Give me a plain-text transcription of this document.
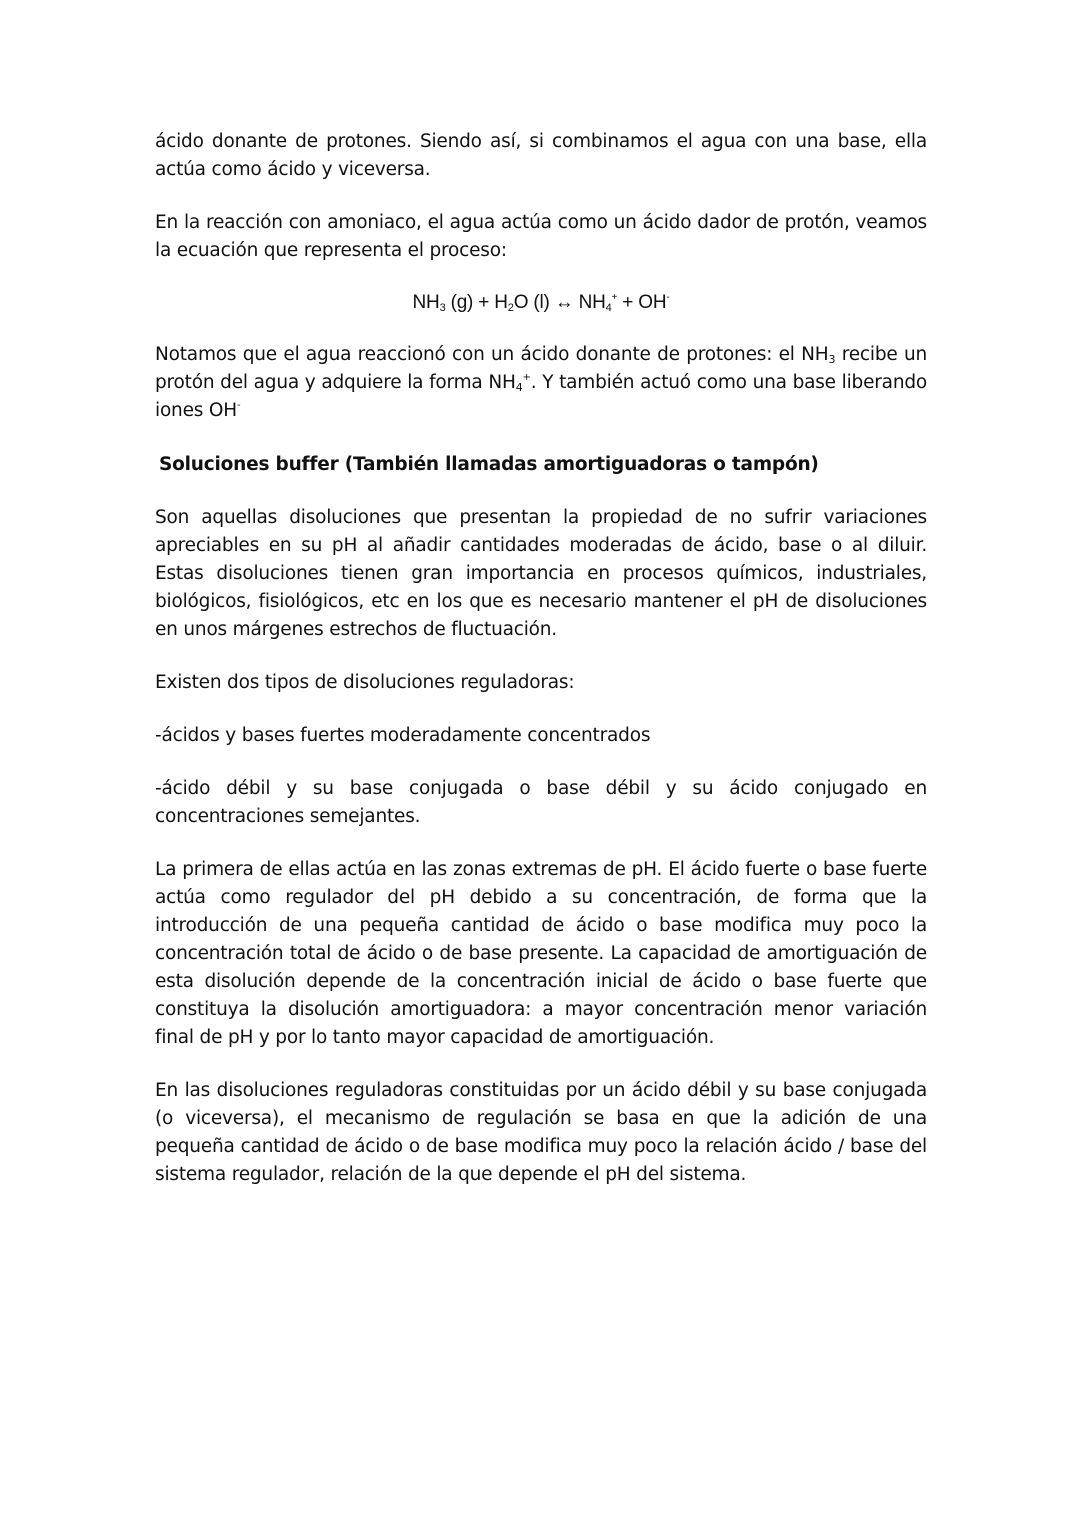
ácido donante de protones. Siendo así, si combinamos el agua con una base, ella actúa como ácido y viceversa.

En la reacción con amoniaco, el agua actúa como un ácido dador de protón, veamos la ecuación que representa el proceso:

$NH_3$ $(g) + H_2O$ (l) ↔ $NH_4^+ + OH^-$

Notamos que el agua reaccionó con un ácido donante de protones: el $NH_3$ recibe un protón del agua y adquiere la forma $NH_4^+$. Y también actuó como una base liberando iones OH-

Soluciones buffer (También llamadas amortiguadoras o tampón)

Son aquellas disoluciones que presentan la propiedad de no sufrir variaciones apreciables en su pH al añadir cantidades moderadas de ácido, base o al diluir. Estas disoluciones tienen gran importancia en procesos químicos, industriales, biológicos, fisiológicos, etc en los que es necesario mantener el pH de disoluciones en unos márgenes estrechos de fluctuación.

Existen dos tipos de disoluciones reguladoras:

-ácidos y bases fuertes moderadamente concentrados

-ácido débil y su base conjugada o base débil y su ácido conjugado en concentraciones semejantes.

La primera de ellas actúa en las zonas extremas de pH. El ácido fuerte o base fuerte actúa como regulador del pH debido a su concentración, de forma que la introducción de una pequeña cantidad de ácido o base modifica muy poco la concentración total de ácido o de base presente. La capacidad de amortiguación de esta disolución depende de la concentración inicial de ácido o base fuerte que constituya la disolución amortiguadora: a mayor concentración menor variación final de pH y por lo tanto mayor capacidad de amortiguación.

En las disoluciones reguladoras constituidas por un ácido débil y su base conjugada (o viceversa), el mecanismo de regulación se basa en que la adición de una pequeña cantidad de ácido o de base modifica muy poco la relación ácido / base del sistema regulador, relación de la que depende el pH del sistema.
